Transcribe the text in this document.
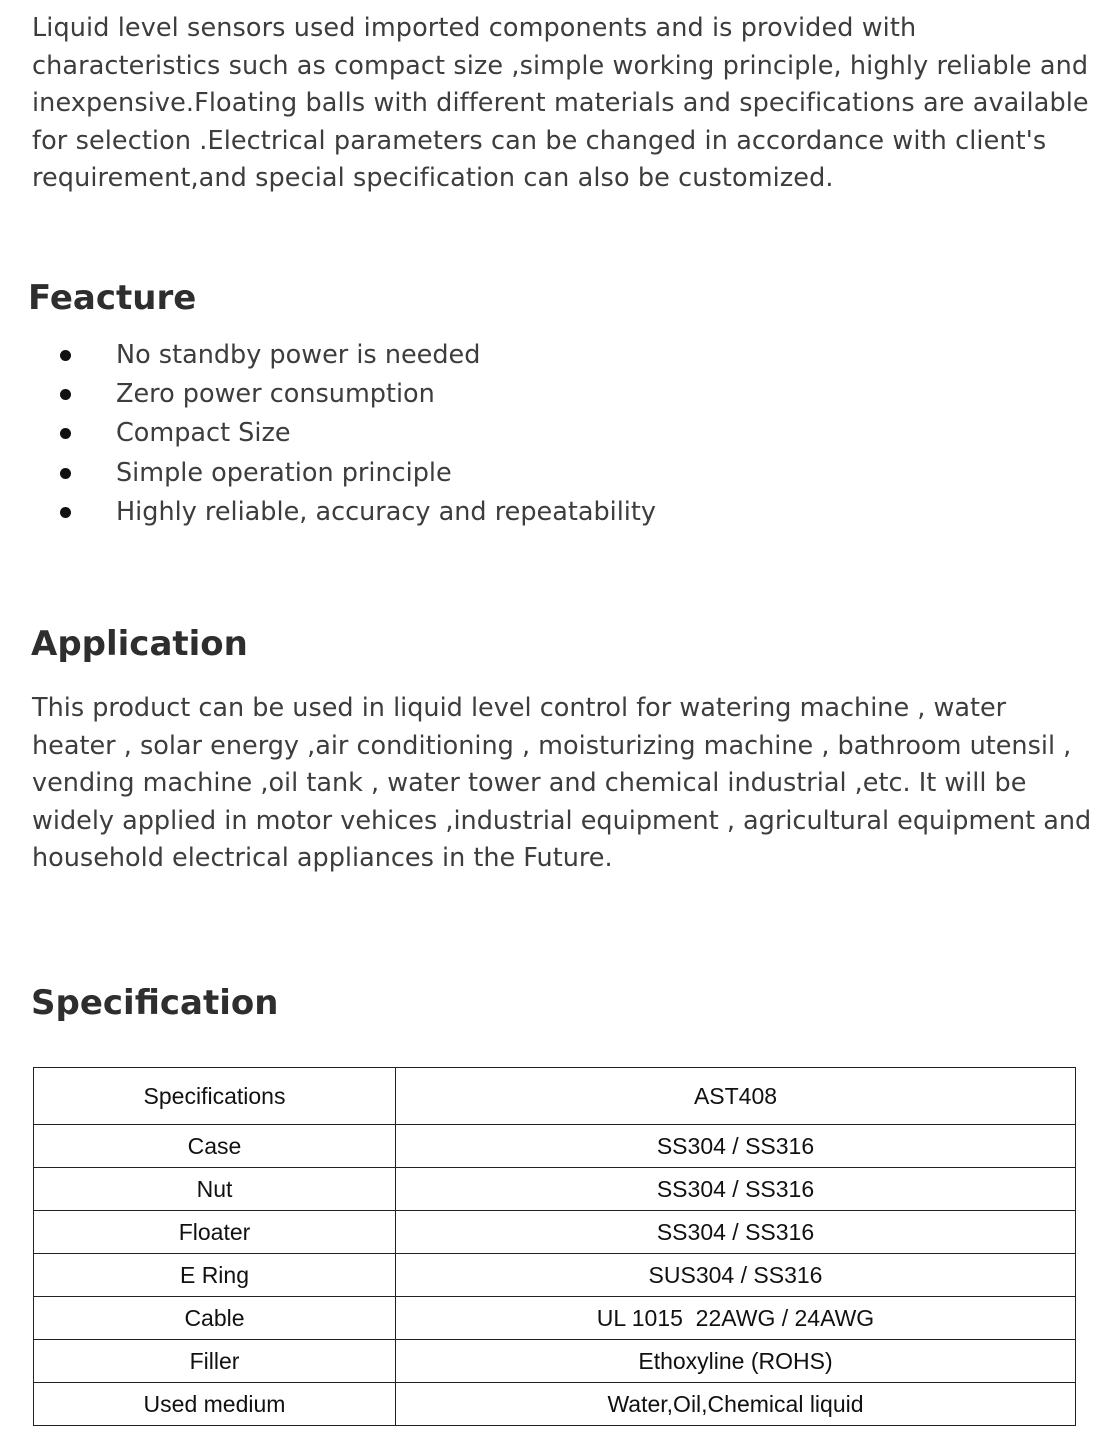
Liquid level sensors used imported components and is provided with characteristics such as compact size ,simple working principle, highly reliable and inexpensive.Floating balls with different materials and specifications are available for selection .Electrical parameters can be changed in accordance with client's requirement,and special specification can also be customized.

Feacture
No standby power is needed
Zero power consumption
Compact Size
Simple operation principle
Highly reliable, accuracy and repeatability
Application

This product can be used in liquid level control for watering machine , water heater , solar energy ,air conditioning , moisturizing machine , bathroom utensil , vending machine ,oil tank , water tower and chemical industrial ,etc. It will be widely applied in motor vehices ,industrial equipment , agricultural equipment and household electrical appliances in the Future.

Specification
Specifications	AST408
Case	SS304 / SS316
Nut	SS304 / SS316
Floater	SS304 / SS316
E Ring	SUS304 / SS316
Cable	UL 1015  22AWG / 24AWG
Filler	Ethoxyline (ROHS)
Used medium	Water,Oil,Chemical liquid
